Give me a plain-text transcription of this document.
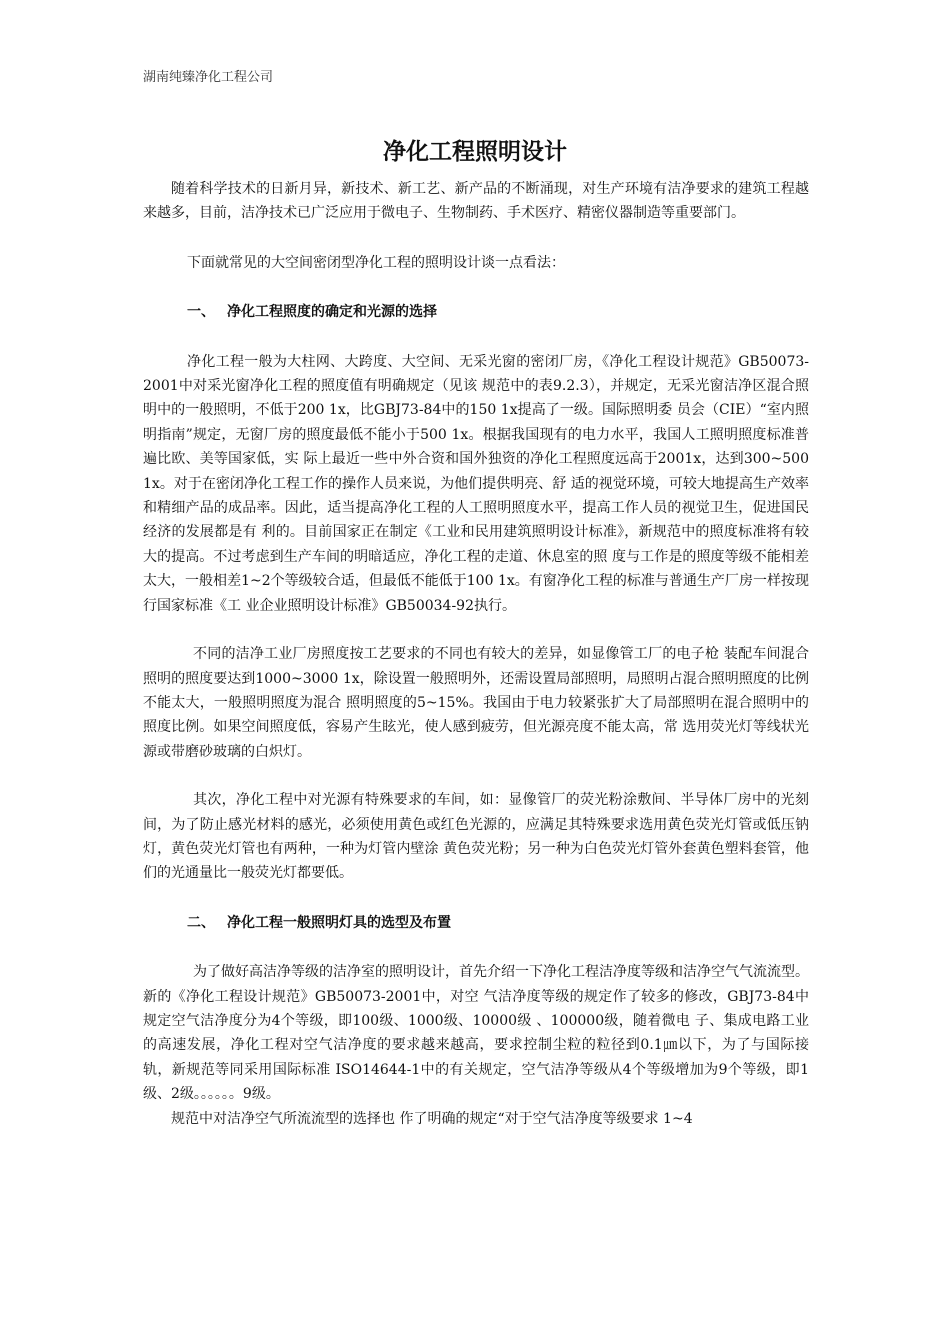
湖南纯臻净化工程公司
净化工程照明设计

随着科学技术的日新月异，新技术、新工艺、新产品的不断涌现，对生产环境有洁净要求的建筑工程越来越多，目前，洁净技术已广泛应用于微电子、生物制药、手术医疗、精密仪器制造等重要部门。

下面就常见的大空间密闭型净化工程的照明设计谈一点看法：

一、 净化工程照度的确定和光源的选择

净化工程一般为大柱网、大跨度、大空间、无采光窗的密闭厂房，《净化工程设计规范》GB50073-2001中对采光窗净化工程的照度值有明确规定（见该 规范中的表9.2.3），并规定，无采光窗洁净区混合照明中的一般照明，不低于200 1x，比GBJ73-84中的150 1x提高了一级。国际照明委 员会（CIE）“室内照明指南”规定，无窗厂房的照度最低不能小于500 1x。根据我国现有的电力水平，我国人工照明照度标准普遍比欧、美等国家低，实 际上最近一些中外合资和国外独资的净化工程照度远高于2001x，达到300~500 1x。对于在密闭净化工程工作的操作人员来说，为他们提供明亮、舒 适的视觉环境，可较大地提高生产效率和精细产品的成品率。因此，适当提高净化工程的人工照明照度水平，提高工作人员的视觉卫生，促进国民经济的发展都是有 利的。目前国家正在制定《工业和民用建筑照明设计标准》，新规范中的照度标准将有较大的提高。不过考虑到生产车间的明暗适应，净化工程的走道、休息室的照 度与工作是的照度等级不能相差太大，一般相差1~2个等级较合适，但最低不能低于100 1x。有窗净化工程的标准与普通生产厂房一样按现行国家标准《工 业企业照明设计标准》GB50034-92执行。

不同的洁净工业厂房照度按工艺要求的不同也有较大的差异，如显像管工厂的电子枪 装配车间混合照明的照度要达到1000~3000 1x，除设置一般照明外，还需设置局部照明，局照明占混合照明照度的比例不能太大，一般照明照度为混合 照明照度的5~15%。我国由于电力较紧张扩大了局部照明在混合照明中的照度比例。如果空间照度低，容易产生眩光，使人感到疲劳，但光源亮度不能太高，常 选用荧光灯等线状光源或带磨砂玻璃的白炽灯。

其次，净化工程中对光源有特殊要求的车间，如：显像管厂的荧光粉涂敷间、半导体厂房中的光刻间，为了防止感光材料的感光，必须使用黄色或红色光源的，应满足其特殊要求选用黄色荧光灯管或低压钠灯，黄色荧光灯管也有两种，一种为灯管内壁涂 黄色荧光粉；另一种为白色荧光灯管外套黄色塑料套管，他们的光通量比一般荧光灯都要低。

二、 净化工程一般照明灯具的选型及布置

为了做好高洁净等级的洁净室的照明设计，首先介绍一下净化工程洁净度等级和洁净空气气流流型。新的《净化工程设计规范》GB50073-2001中，对空 气洁净度等级的规定作了较多的修改，GBJ73-84中规定空气洁净度分为4个等级，即100级、1000级、10000级 、100000级，随着微电 子、集成电路工业的高速发展，净化工程对空气洁净度的要求越来越高，要求控制尘粒的粒径到0.1㎛以下，为了与国际接轨，新规范等同采用国际标准 ISO14644-1中的有关规定，空气洁净等级从4个等级增加为9个等级，即1级、2级。。。。。。9级。

规范中对洁净空气所流流型的选择也 作了明确的规定“对于空气洁净度等级要求 1~4
